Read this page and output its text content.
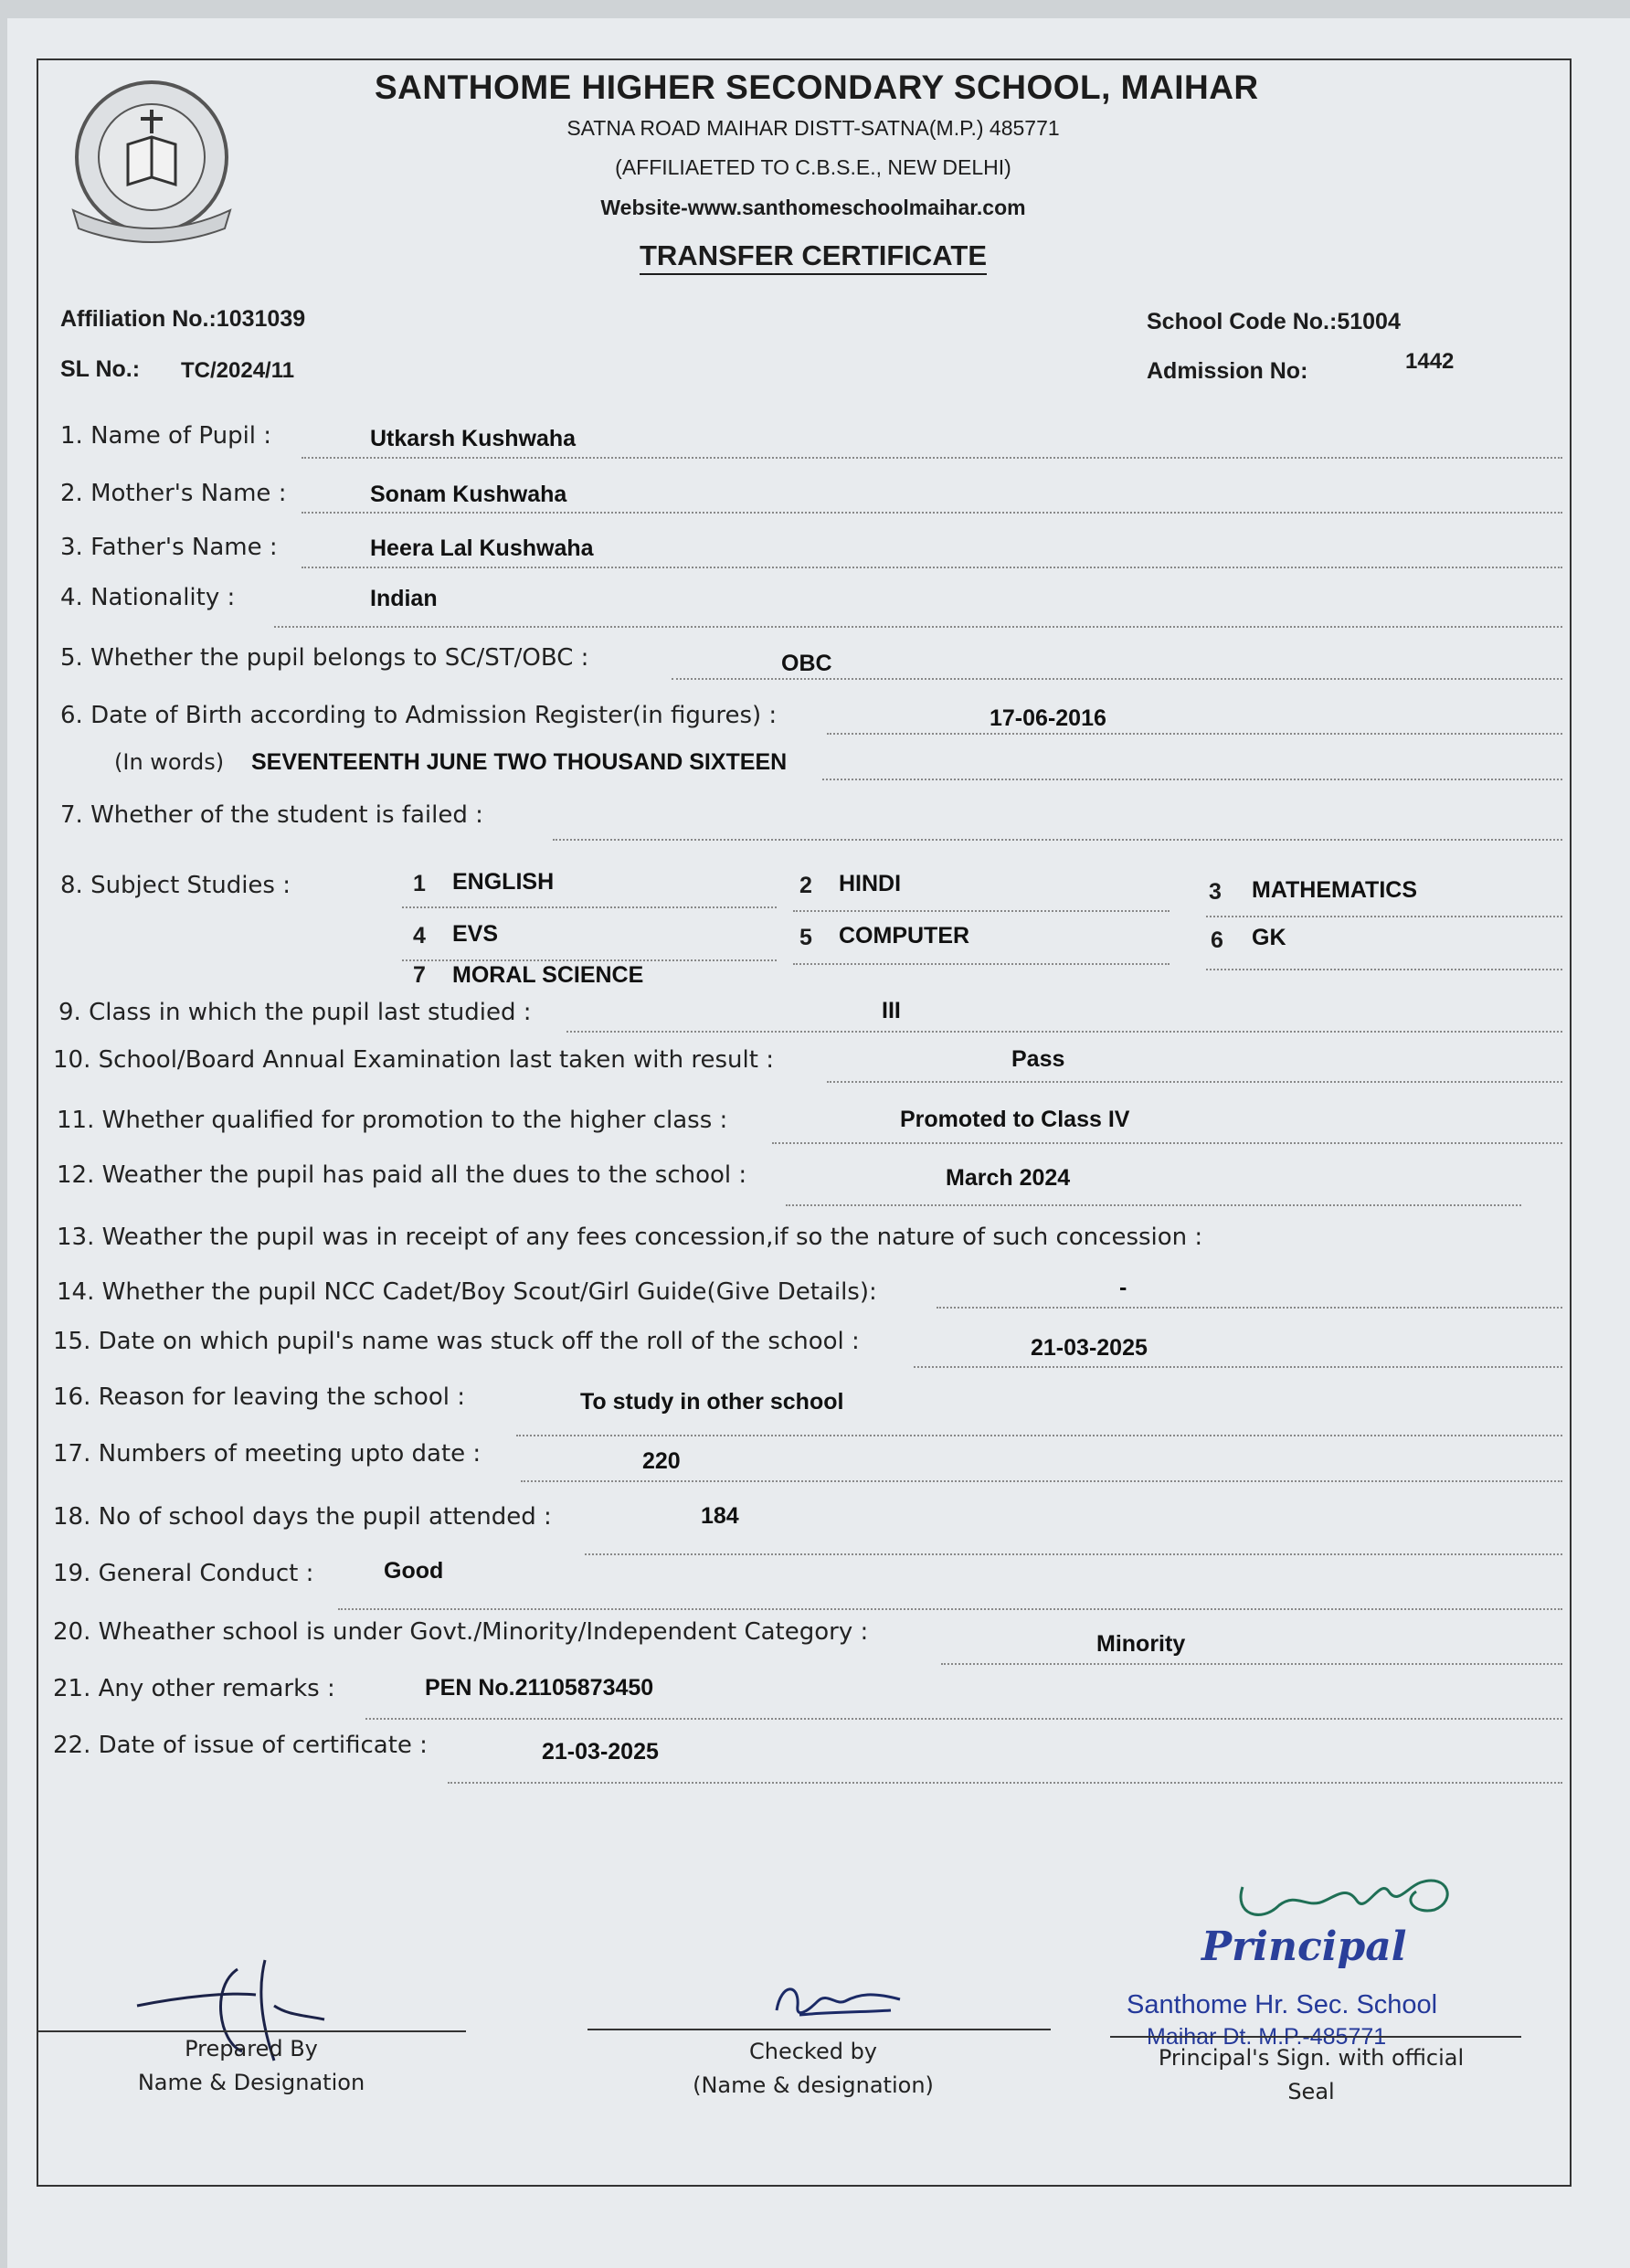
SANTHOME HIGHER SECONDARY SCHOOL, MAIHAR
SATNA ROAD MAIHAR DISTT-SATNA(M.P.) 485771
(AFFILIAETED TO C.B.S.E., NEW DELHI)
Website-www.santhomeschoolmaihar.com
TRANSFER CERTIFICATE
Affiliation No.:1031039	School Code No.:51004
SL No.: TC/2024/11	Admission No:	1442
1. Name of Pupil :	Utkarsh Kushwaha
2. Mother's Name :	Sonam Kushwaha
3. Father's Name :	Heera Lal Kushwaha
4. Nationality :	Indian
5. Whether the pupil belongs to SC/ST/OBC :	OBC
6. Date of Birth according to Admission Register(in figures) :	17-06-2016
(In words) SEVENTEENTH JUNE TWO THOUSAND SIXTEEN
7. Whether of the student is failed :
8. Subject Studies :	1 ENGLISH	2 HINDI	3 MATHEMATICS
4 EVS	5 COMPUTER	6 GK
7 MORAL SCIENCE
9. Class in which the pupil last studied :	III
10. School/Board Annual Examination last taken with result :	Pass
11. Whether qualified for promotion to the higher class :	Promoted to Class IV
12. Weather the pupil has paid all the dues to the school :	March 2024
13. Weather the pupil was in receipt of any fees concession,if so the nature of such concession :
14. Whether the pupil NCC Cadet/Boy Scout/Girl Guide(Give Details):	-
15. Date on which pupil's name was stuck off the roll of the school :	21-03-2025
16. Reason for leaving the school :	To study in other school
17. Numbers of meeting upto date :	220
18. No of school days the pupil attended :	184
19. General Conduct :	Good
20. Wheather school is under Govt./Minority/Independent Category :	Minority
21. Any other remarks :	PEN No.21105873450
22. Date of issue of certificate :	21-03-2025
Prepared By
Name & Designation
Checked by
(Name & designation)
Principal
Santhome Hr. Sec. School
Maihar Dt. M.P.-485771
Principal's Sign. with official
Seal
